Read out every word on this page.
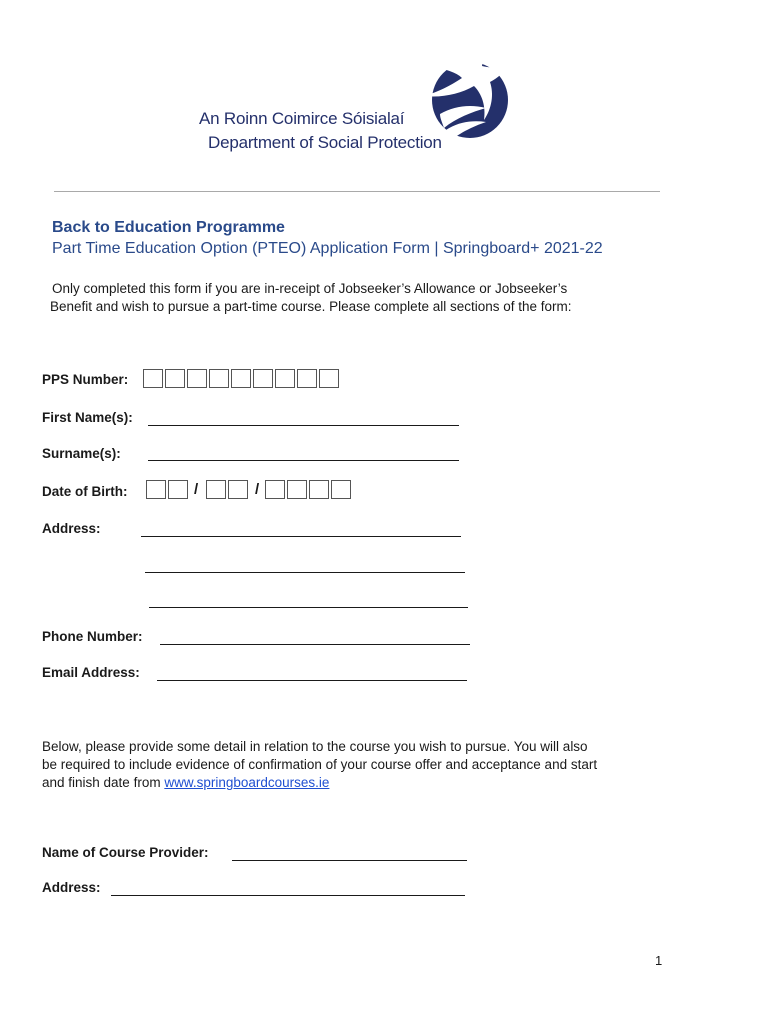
An Roinn Coimirce Sóisialaí
Department of Social Protection
Back to Education Programme
Part Time Education Option (PTEO) Application Form | Springboard+ 2021-22
Only completed this form if you are in-receipt of Jobseeker’s Allowance or Jobseeker’s
Benefit and wish to pursue a part-time course. Please complete all sections of the form:
PPS Number:
First Name(s):
Surname(s):
Date of Birth:	/	/
Address:
Phone Number:
Email Address:
Below, please provide some detail in relation to the course you wish to pursue. You will also
be required to include evidence of confirmation of your course offer and acceptance and start
and finish date from www.springboardcourses.ie
Name of Course Provider:
Address:
1
